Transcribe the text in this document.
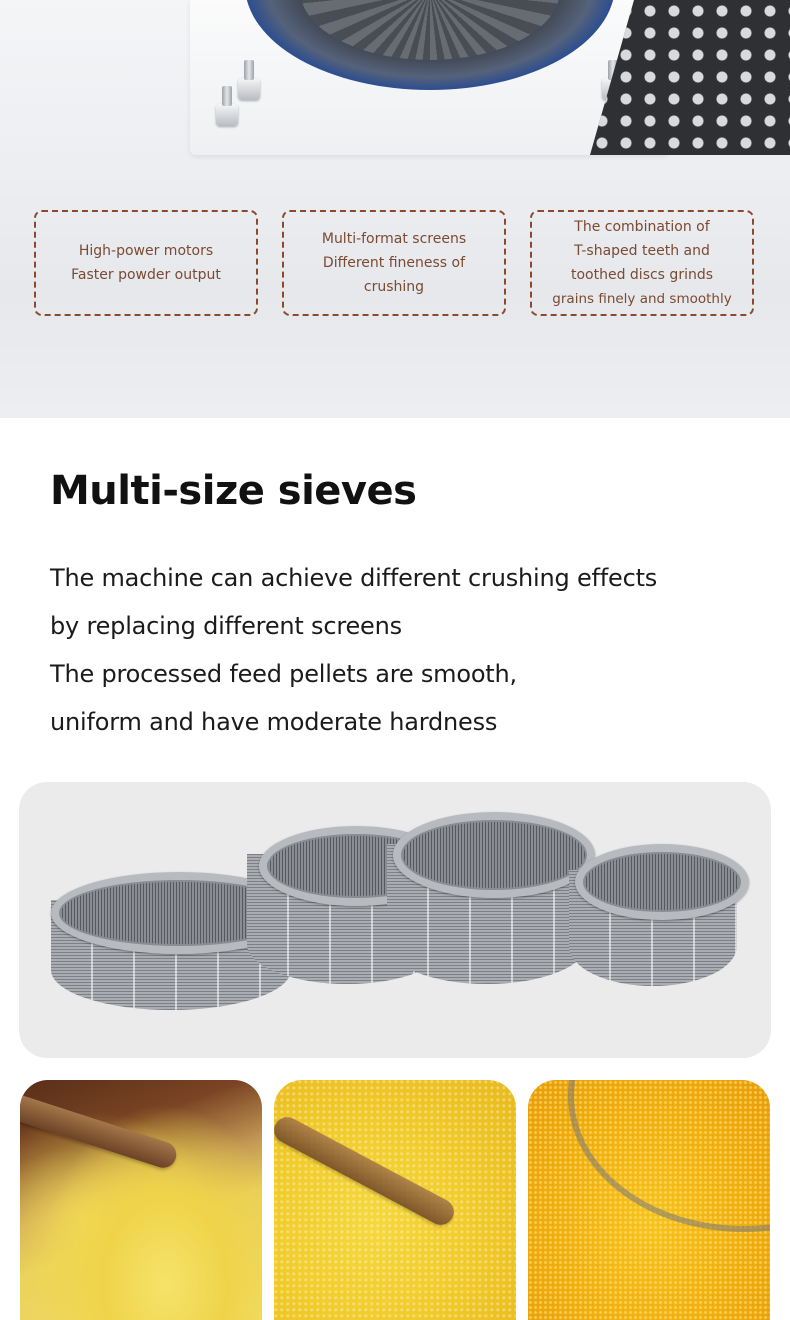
High-power motors
Faster powder output
Multi-format screens
Different fineness of
crushing
The combination of
T-shaped teeth and
toothed discs grinds
grains finely and smoothly
Multi-size sieves
The machine can achieve different crushing effects
by replacing different screens
The processed feed pellets are smooth,
uniform and have moderate hardness
